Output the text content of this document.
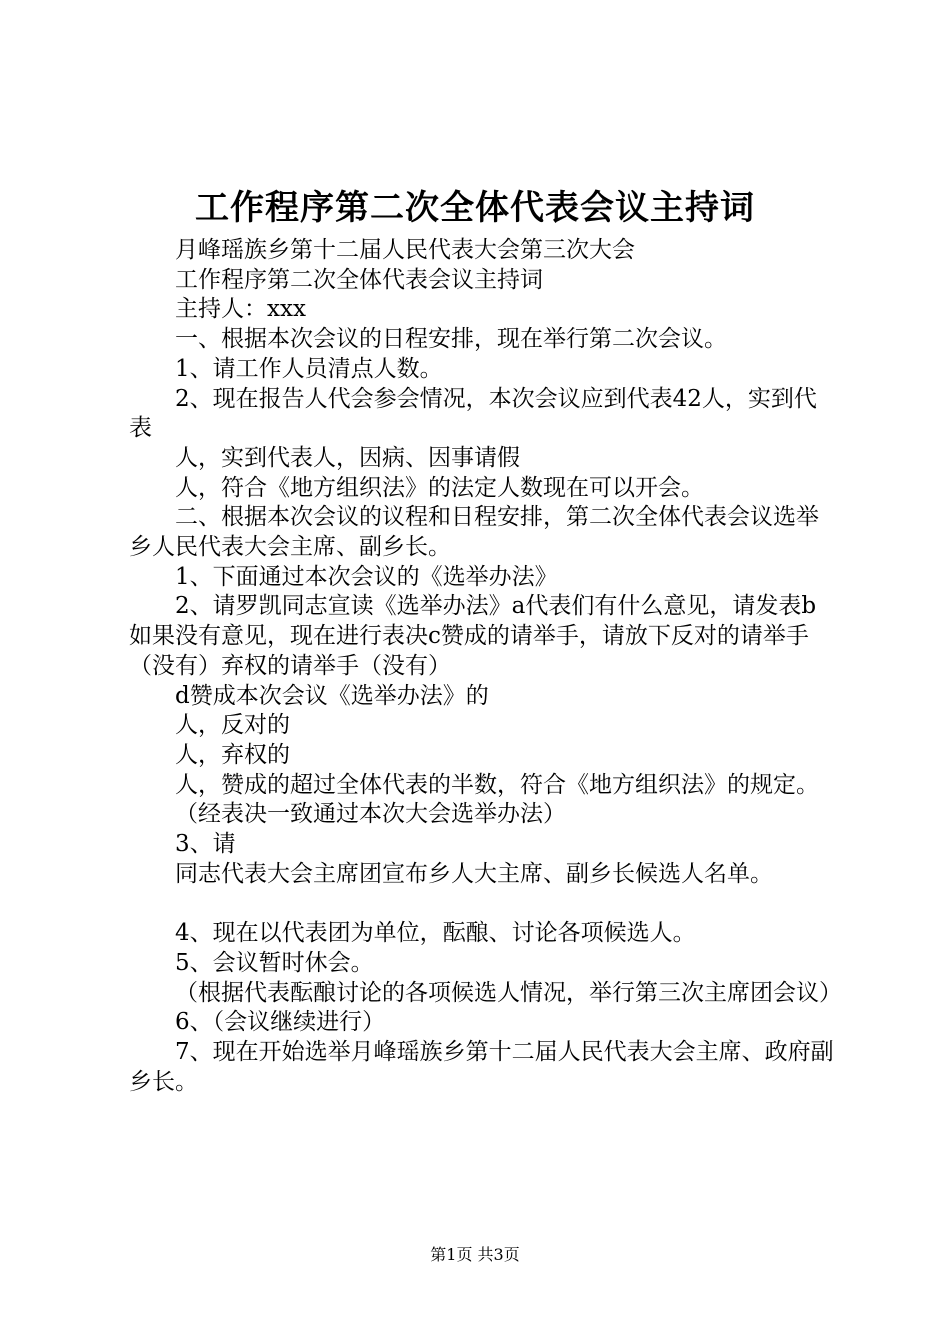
工作程序第二次全体代表会议主持词

月峰瑶族乡第十二届人民代表大会第三次大会

工作程序第二次全体代表会议主持词

主持人：xxx

一、根据本次会议的日程安排，现在举行第二次会议。

1、请工作人员清点人数。

2、现在报告人代会参会情况，本次会议应到代表42人，实到代表

人，实到代表人，因病、因事请假

人，符合《地方组织法》的法定人数现在可以开会。

二、根据本次会议的议程和日程安排，第二次全体代表会议选举乡人民代表大会主席、副乡长。

1、下面通过本次会议的《选举办法》

2、请罗凯同志宣读《选举办法》a代表们有什么意见，请发表b如果没有意见，现在进行表决c赞成的请举手，请放下反对的请举手（没有）弃权的请举手（没有）

d赞成本次会议《选举办法》的

人，反对的

人，弃权的

人，赞成的超过全体代表的半数，符合《地方组织法》的规定。

（经表决一致通过本次大会选举办法）

3、请

同志代表大会主席团宣布乡人大主席、副乡长候选人名单。

4、现在以代表团为单位，酝酿、讨论各项候选人。

5、会议暂时休会。

（根据代表酝酿讨论的各项候选人情况，举行第三次主席团会议）

6、（会议继续进行）

7、现在开始选举月峰瑶族乡第十二届人民代表大会主席、政府副乡长。

第1页 共3页
